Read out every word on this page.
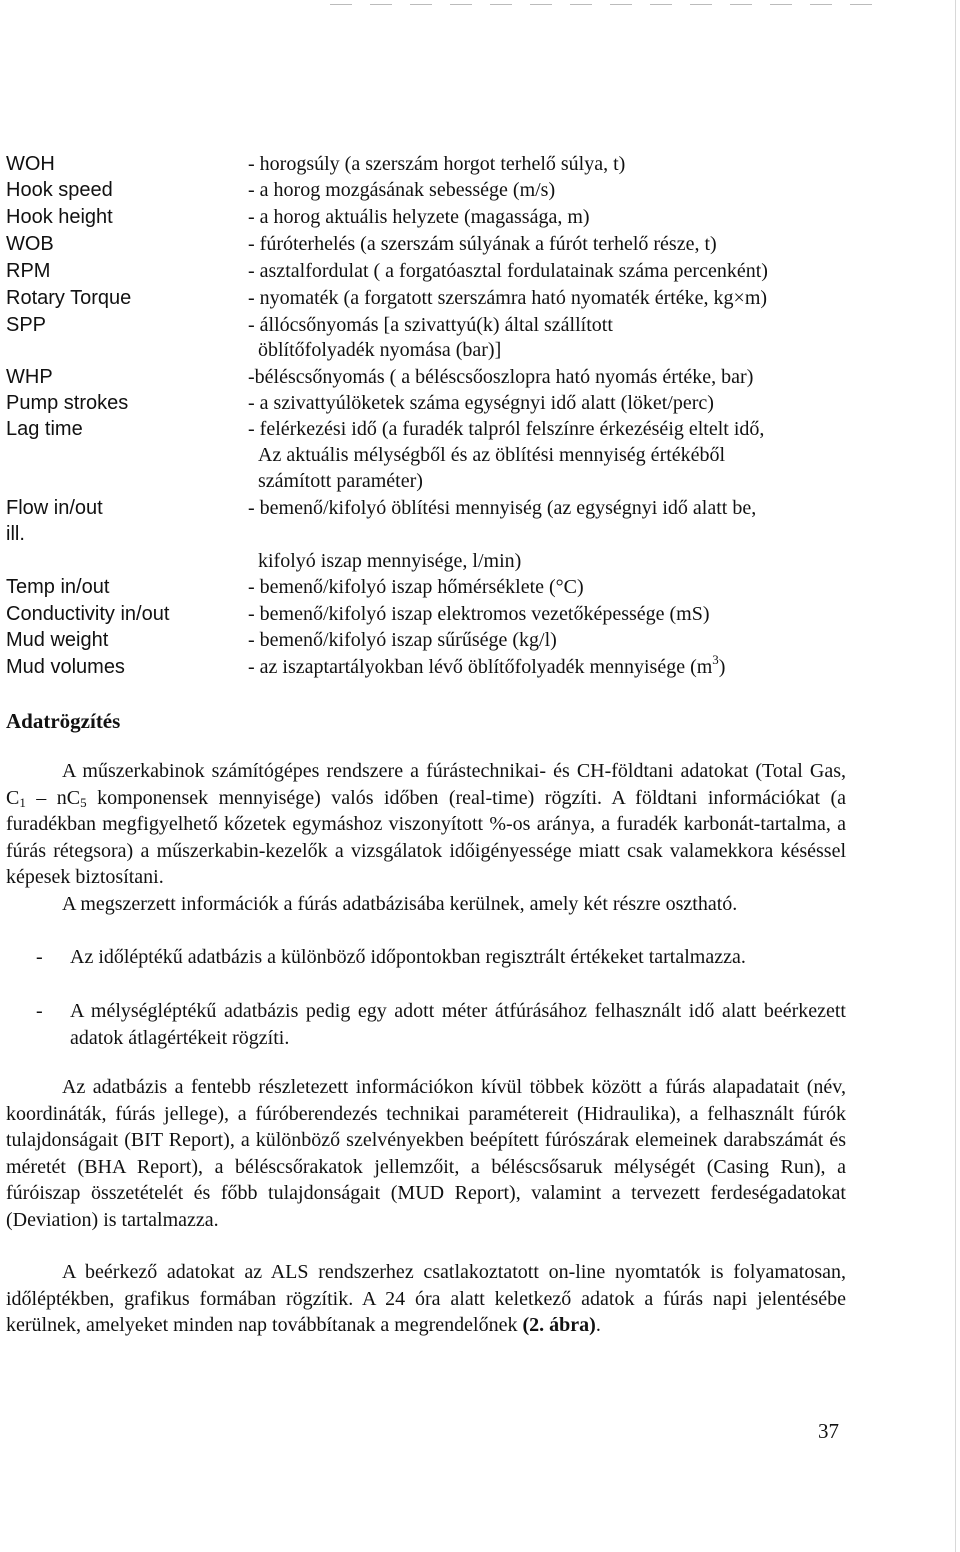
WOH	- horogsúly (a szerszám horgot terhelő súlya, t)
Hook speed	- a horog mozgásának sebessége (m/s)
Hook height	- a horog aktuális helyzete (magassága, m)
WOB	- fúróterhelés (a szerszám súlyának a fúrót terhelő része, t)
RPM	- asztalfordulat ( a forgatóasztal fordulatainak száma percenként)
Rotary Torque	- nyomaték (a forgatott szerszámra ható nyomaték értéke, kg×m)
SPP	- állócsőnyomás [a szivattyú(k) által szállított
öblítőfolyadék nyomása (bar)]
WHP	-béléscsőnyomás ( a béléscsőoszlopra ható nyomás értéke, bar)
Pump strokes	- a szivattyúlöketek száma egységnyi idő alatt (löket/perc)
Lag time	- felérkezési idő (a furadék talpról felszínre érkezéséig eltelt idő,
Az aktuális mélységből és az öblítési mennyiség értékéből
számított paraméter)
Flow in/out	- bemenő/kifolyó öblítési mennyiség (az egységnyi idő alatt be,
ill.
kifolyó iszap mennyisége, l/min)
Temp in/out	- bemenő/kifolyó iszap hőmérséklete (°C)
Conductivity in/out	- bemenő/kifolyó iszap elektromos vezetőképessége (mS)
Mud weight	- bemenő/kifolyó iszap sűrűsége (kg/l)
Mud volumes	- az iszaptartályokban lévő öblítőfolyadék mennyisége $(m^3)$
Adatrögzítés

A műszerkabinok számítógépes rendszere a fúrástechnikai- és CH-földtani adatokat (Total Gas, $C_1 - nC_5$ komponensek mennyisége) valós időben (real-time) rögzíti. A földtani információkat (a furadékban megfigyelhető kőzetek egymáshoz viszonyított %-os aránya, a furadék karbonát-tartalma, a fúrás rétegsora) a műszerkabin-kezelők a vizsgálatok időigényessége miatt csak valamekkora késéssel képesek biztosítani.

A megszerzett információk a fúrás adatbázisába kerülnek, amely két részre osztható.

- Az időléptékű adatbázis a különböző időpontokban regisztrált értékeket tartalmazza.

- A mélységléptékű adatbázis pedig egy adott méter átfúrásához felhasznált idő alatt beérkezett adatok átlagértékeit rögzíti.

Az adatbázis a fentebb részletezett információkon kívül többek között a fúrás alapadatait (név, koordináták, fúrás jellege), a fúróberendezés technikai paramétereit (Hidraulika), a felhasznált fúrók tulajdonságait (BIT Report), a különböző szelvényekben beépített fúrószárak elemeinek darabszámát és méretét (BHA Report), a béléscsőrakatok jellemzőit, a béléscsősaruk mélységét (Casing Run), a fúróiszap összetételét és főbb tulajdonságait (MUD Report), valamint a tervezett ferdeségadatokat (Deviation) is tartalmazza.

A beérkező adatokat az ALS rendszerhez csatlakoztatott on-line nyomtatók is folyamatosan, időléptékben, grafikus formában rögzítik. A 24 óra alatt keletkező adatok a fúrás napi jelentésébe kerülnek, amelyeket minden nap továbbítanak a megrendelőnek (2. ábra).

37
